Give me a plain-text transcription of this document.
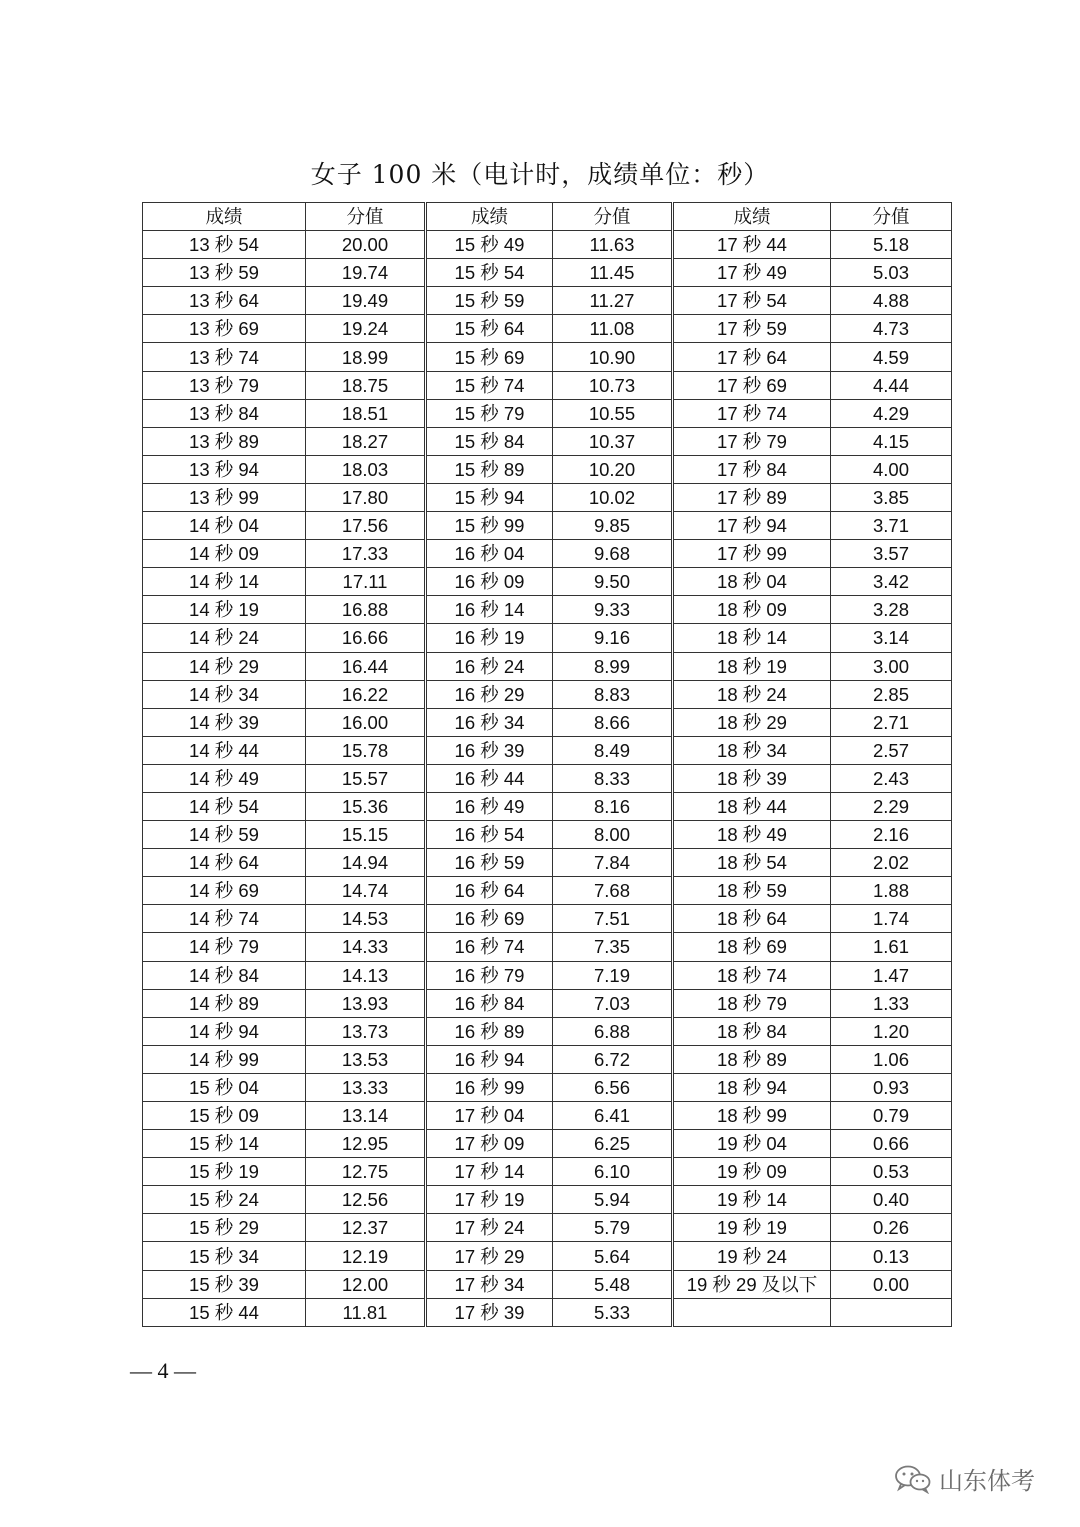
女子 100 米（电计时，成绩单位：秒）
成绩	分值	成绩	分值	成绩	分值
13 秒 54	20.00	15 秒 49	11.63	17 秒 44	5.18
13 秒 59	19.74	15 秒 54	11.45	17 秒 49	5.03
13 秒 64	19.49	15 秒 59	11.27	17 秒 54	4.88
13 秒 69	19.24	15 秒 64	11.08	17 秒 59	4.73
13 秒 74	18.99	15 秒 69	10.90	17 秒 64	4.59
13 秒 79	18.75	15 秒 74	10.73	17 秒 69	4.44
13 秒 84	18.51	15 秒 79	10.55	17 秒 74	4.29
13 秒 89	18.27	15 秒 84	10.37	17 秒 79	4.15
13 秒 94	18.03	15 秒 89	10.20	17 秒 84	4.00
13 秒 99	17.80	15 秒 94	10.02	17 秒 89	3.85
14 秒 04	17.56	15 秒 99	9.85	17 秒 94	3.71
14 秒 09	17.33	16 秒 04	9.68	17 秒 99	3.57
14 秒 14	17.11	16 秒 09	9.50	18 秒 04	3.42
14 秒 19	16.88	16 秒 14	9.33	18 秒 09	3.28
14 秒 24	16.66	16 秒 19	9.16	18 秒 14	3.14
14 秒 29	16.44	16 秒 24	8.99	18 秒 19	3.00
14 秒 34	16.22	16 秒 29	8.83	18 秒 24	2.85
14 秒 39	16.00	16 秒 34	8.66	18 秒 29	2.71
14 秒 44	15.78	16 秒 39	8.49	18 秒 34	2.57
14 秒 49	15.57	16 秒 44	8.33	18 秒 39	2.43
14 秒 54	15.36	16 秒 49	8.16	18 秒 44	2.29
14 秒 59	15.15	16 秒 54	8.00	18 秒 49	2.16
14 秒 64	14.94	16 秒 59	7.84	18 秒 54	2.02
14 秒 69	14.74	16 秒 64	7.68	18 秒 59	1.88
14 秒 74	14.53	16 秒 69	7.51	18 秒 64	1.74
14 秒 79	14.33	16 秒 74	7.35	18 秒 69	1.61
14 秒 84	14.13	16 秒 79	7.19	18 秒 74	1.47
14 秒 89	13.93	16 秒 84	7.03	18 秒 79	1.33
14 秒 94	13.73	16 秒 89	6.88	18 秒 84	1.20
14 秒 99	13.53	16 秒 94	6.72	18 秒 89	1.06
15 秒 04	13.33	16 秒 99	6.56	18 秒 94	0.93
15 秒 09	13.14	17 秒 04	6.41	18 秒 99	0.79
15 秒 14	12.95	17 秒 09	6.25	19 秒 04	0.66
15 秒 19	12.75	17 秒 14	6.10	19 秒 09	0.53
15 秒 24	12.56	17 秒 19	5.94	19 秒 14	0.40
15 秒 29	12.37	17 秒 24	5.79	19 秒 19	0.26
15 秒 34	12.19	17 秒 29	5.64	19 秒 24	0.13
15 秒 39	12.00	17 秒 34	5.48	19 秒 29 及以下	0.00
15 秒 44	11.81	17 秒 39	5.33		
— 4 —
山东体考
